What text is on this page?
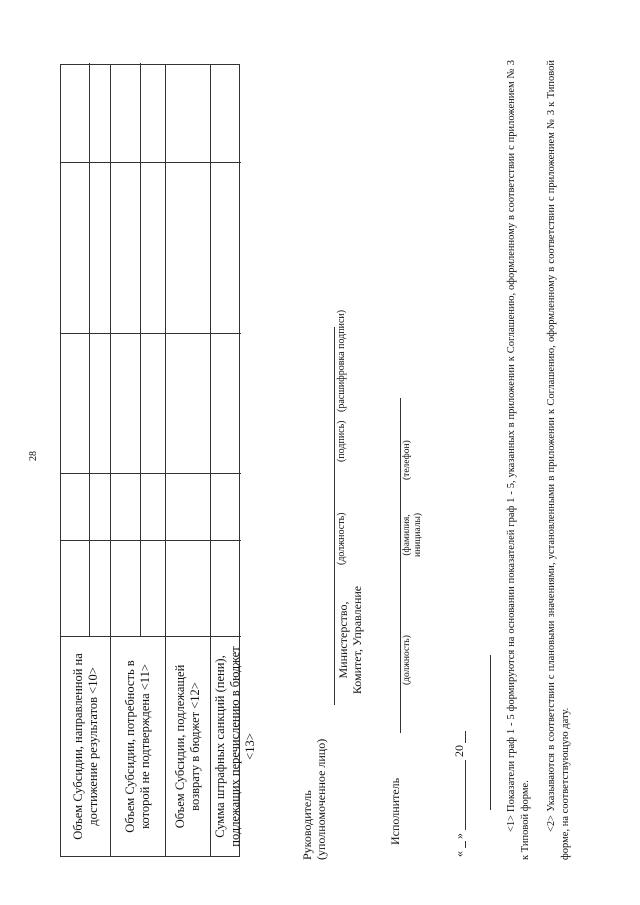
28
Объем Субсидии, направленной на достижение результатов <10> Объем Субсидии, потребность в которой не подтверждена <11> Объем Субсидии, подлежащей возврату в бюджет <12> Сумма штрафных санкций (пени), подлежащих перечислению в бюджет <13>
Руководитель (уполномоченное лицо)
Министерство, Комитет, Управление
(должность)
(подпись)
(расшифровка подписи)
Исполнитель
(должность)
(фамилия, инициалы)
(телефон)
«
»
20	<1> Показатели граф 1 - 5 формируются на основании показателей граф 1 - 5, указанных в приложении к Соглашению, оформленному в соответствии с приложением № 3 к Типовой форме. <2> Указываются в соответствии с плановыми значениями, установленными в приложении к Соглашению, оформленному в соответствии с приложением № 3 к Типовой форме, на соответствующую дату.
